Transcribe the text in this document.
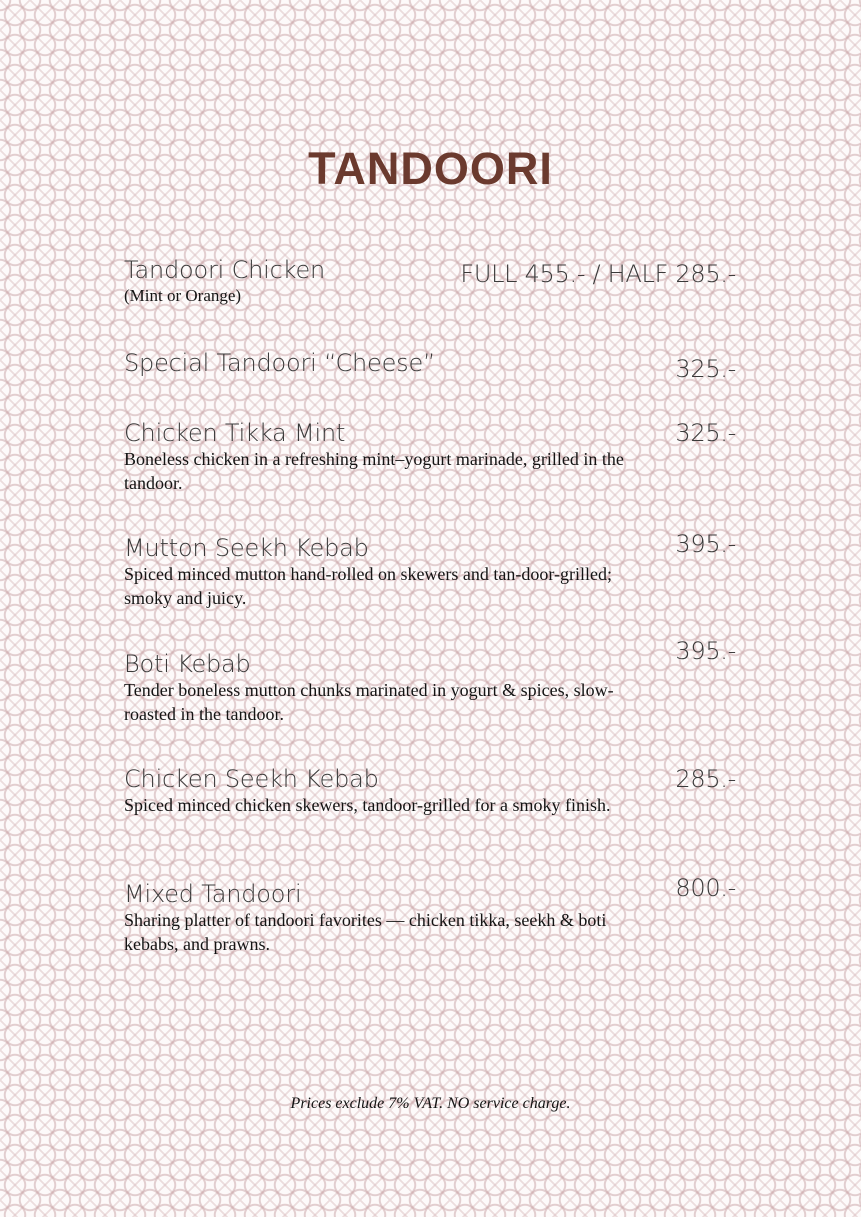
TANDOORI
Tandoori Chicken
(Mint or Orange)
FULL 455.- / HALF 285.-
Special Tandoori “Cheese”	325.-
Chicken Tikka Mint
Boneless chicken in a refreshing mint–yogurt marinade, grilled in the tandoor.
325.-
Mutton Seekh Kebab
Spiced minced mutton hand-rolled on skewers and tan-door-grilled; smoky and juicy.
395.-
Boti Kebab
Tender boneless mutton chunks marinated in yogurt & spices, slow-roasted in the tandoor.
395.-
Chicken Seekh Kebab
Spiced minced chicken skewers, tandoor-grilled for a smoky finish.
285.-
Mixed Tandoori
Sharing platter of tandoori favorites — chicken tikka, seekh & boti kebabs, and prawns.
800.-
Prices exclude 7% VAT. NO service charge.
